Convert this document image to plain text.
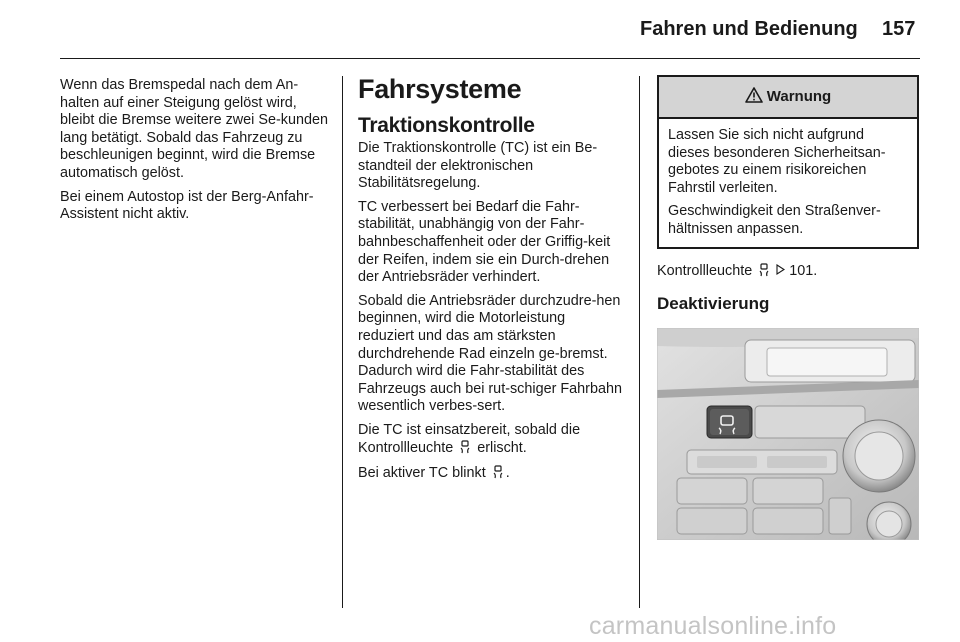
Fahren und Bedienung 157

Wenn das Bremspedal nach dem An-halten auf einer Steigung gelöst wird, bleibt die Bremse weitere zwei Se-kunden lang betätigt. Sobald das Fahrzeug zu beschleunigen beginnt, wird die Bremse automatisch gelöst.

Bei einem Autostop ist der Berg-Anfahr-Assistent nicht aktiv.

Fahrsysteme
Traktionskontrolle

Die Traktionskontrolle (TC) ist ein Be-standteil der elektronischen Stabilitätsregelung.

TC verbessert bei Bedarf die Fahr-stabilität, unabhängig von der Fahr-bahnbeschaffenheit oder der Griffig-keit der Reifen, indem sie ein Durch-drehen der Antriebsräder verhindert.

Sobald die Antriebsräder durchzudre-hen beginnen, wird die Motorleistung reduziert und das am stärksten durchdrehende Rad einzeln ge-bremst. Dadurch wird die Fahr-stabilität des Fahrzeugs auch bei rut-schiger Fahrbahn wesentlich verbes-sert.

Die TC ist einsatzbereit, sobald die Kontrollleuchte erlischt.

Bei aktiver TC blinkt .

Warnung

Lassen Sie sich nicht aufgrund dieses besonderen Sicherheitsan-gebotes zu einem risikoreichen Fahrstil verleiten.

Geschwindigkeit den Straßenver-hältnissen anpassen.

Kontrollleuchte	101.

Deaktivierung
carmanualsonline.info
